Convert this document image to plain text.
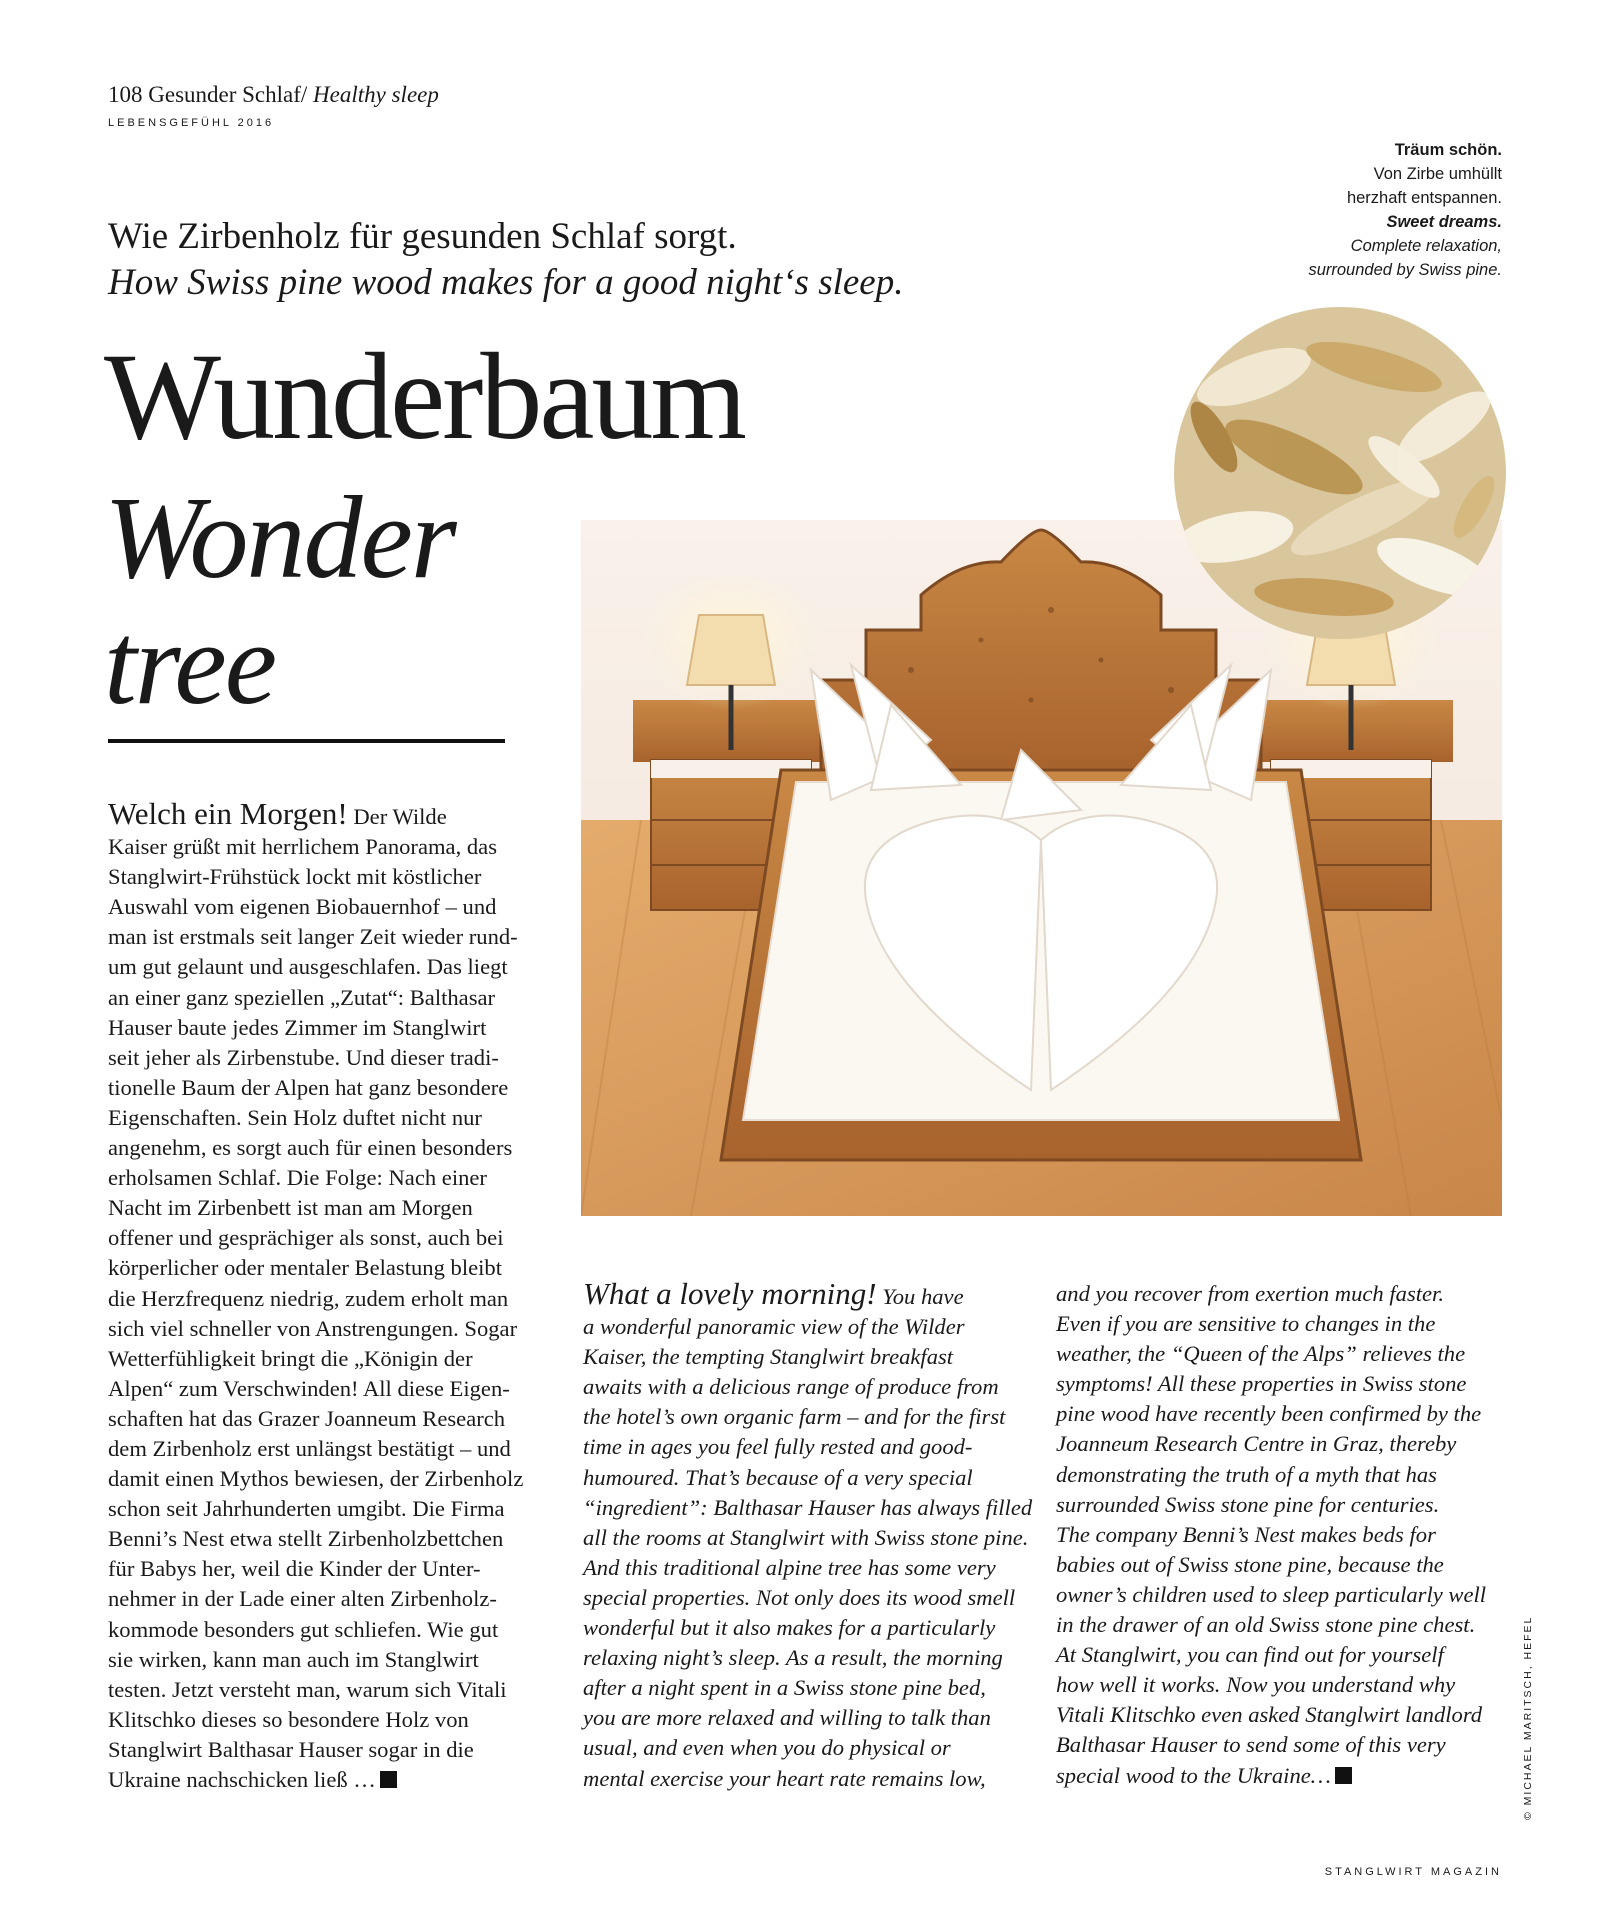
108 Gesunder Schlaf/ Healthy sleep
LEBENSGEFÜHL 2016
Träum schön.
Von Zirbe umhüllt
herzhaft entspannen.
Sweet dreams.
Complete relaxation,
surrounded by Swiss pine.
Wie Zirbenholz für gesunden Schlaf sorgt.
How Swiss pine wood makes for a good night‘s sleep.
Wunderbaum
Wonder
tree
Welch ein Morgen! Der Wilde
Kaiser grüßt mit herrlichem Panorama, das
Stanglwirt-Frühstück lockt mit köstlicher
Auswahl vom eigenen Biobauernhof – und
man ist erstmals seit langer Zeit wieder rund-
um gut gelaunt und ausgeschlafen. Das liegt
an einer ganz speziellen „Zutat“: Balthasar
Hauser baute jedes Zimmer im Stanglwirt
seit jeher als Zirbenstube. Und dieser tradi-
tionelle Baum der Alpen hat ganz besondere
Eigenschaften. Sein Holz duftet nicht nur
angenehm, es sorgt auch für einen besonders
erholsamen Schlaf. Die Folge: Nach einer
Nacht im Zirbenbett ist man am Morgen
offener und gesprächiger als sonst, auch bei
körperlicher oder mentaler Belastung bleibt
die Herzfrequenz niedrig, zudem erholt man
sich viel schneller von Anstrengungen. Sogar
Wetterfühligkeit bringt die „Königin der
Alpen“ zum Verschwinden! All diese Eigen-
schaften hat das Grazer Joanneum Research
dem Zirbenholz erst unlängst bestätigt – und
damit einen Mythos bewiesen, der Zirbenholz
schon seit Jahrhunderten umgibt. Die Firma
Benni’s Nest etwa stellt Zirbenholzbettchen
für Babys her, weil die Kinder der Unter-
nehmer in der Lade einer alten Zirbenholz-
kommode besonders gut schliefen. Wie gut
sie wirken, kann man auch im Stanglwirt
testen. Jetzt versteht man, warum sich Vitali
Klitschko dieses so besondere Holz von
Stanglwirt Balthasar Hauser sogar in die
Ukraine nachschicken ließ …
What a lovely morning! You have
a wonderful panoramic view of the Wilder
Kaiser, the tempting Stanglwirt breakfast
awaits with a delicious range of produce from
the hotel’s own organic farm – and for the first
time in ages you feel fully rested and good-
humoured. That’s because of a very special
“ingredient”: Balthasar Hauser has always filled
all the rooms at Stanglwirt with Swiss stone pine.
And this traditional alpine tree has some very
special properties. Not only does its wood smell
wonderful but it also makes for a particularly
relaxing night’s sleep. As a result, the morning
after a night spent in a Swiss stone pine bed,
you are more relaxed and willing to talk than
usual, and even when you do physical or
mental exercise your heart rate remains low,
and you recover from exertion much faster.
Even if you are sensitive to changes in the
weather, the “Queen of the Alps” relieves the
symptoms! All these properties in Swiss stone
pine wood have recently been confirmed by the
Joanneum Research Centre in Graz, thereby
demonstrating the truth of a myth that has
surrounded Swiss stone pine for centuries.
The company Benni’s Nest makes beds for
babies out of Swiss stone pine, because the
owner’s children used to sleep particularly well
in the drawer of an old Swiss stone pine chest.
At Stanglwirt, you can find out for yourself
how well it works. Now you understand why
Vitali Klitschko even asked Stanglwirt landlord
Balthasar Hauser to send some of this very
special wood to the Ukraine…	© MICHAEL MARITSCH, HEFEL
STANGLWIRT MAGAZIN
